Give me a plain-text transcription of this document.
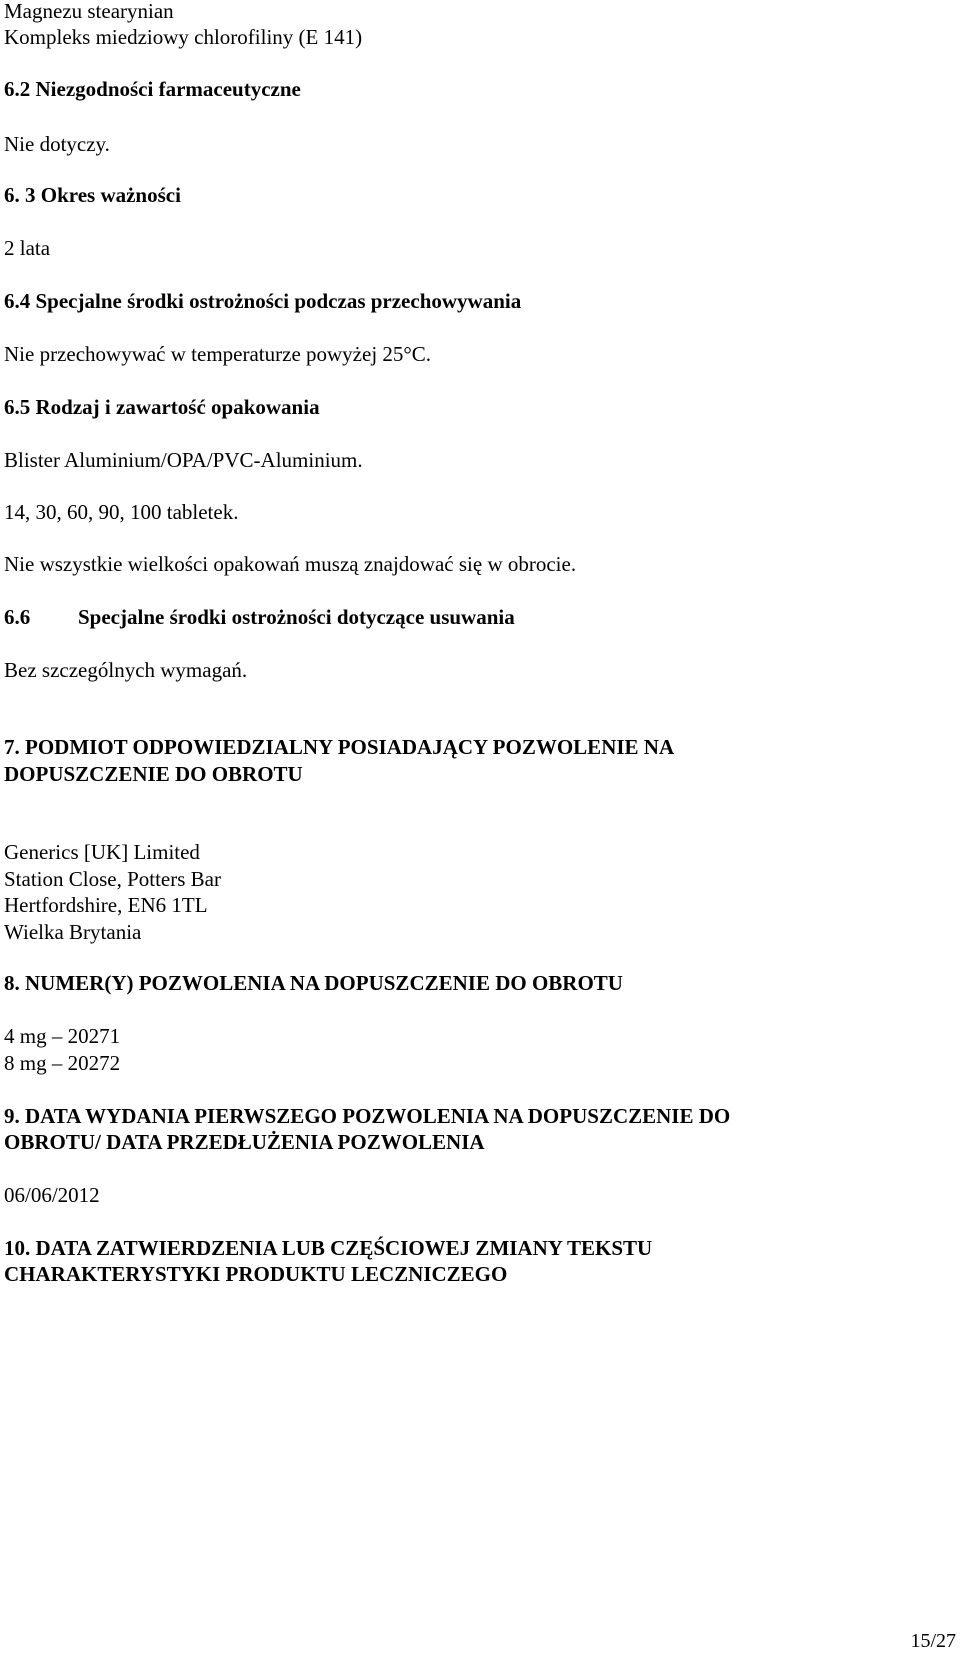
Magnezu stearynian
Kompleks miedziowy chlorofiliny (E 141)
6.2 Niezgodności farmaceutyczne
Nie dotyczy.
6. 3 Okres ważności
2 lata
6.4 Specjalne środki ostrożności podczas przechowywania
Nie przechowywać w temperaturze powyżej 25°C.
6.5 Rodzaj i zawartość opakowania
Blister Aluminium/OPA/PVC-Aluminium.
14, 30, 60, 90, 100 tabletek.
Nie wszystkie wielkości opakowań muszą znajdować się w obrocie.
6.6 Specjalne środki ostrożności dotyczące usuwania
Bez szczególnych wymagań.
7. PODMIOT ODPOWIEDZIALNY POSIADAJĄCY POZWOLENIE NA
DOPUSZCZENIE DO OBROTU
Generics [UK] Limited
Station Close, Potters Bar
Hertfordshire, EN6 1TL
Wielka Brytania
8. NUMER(Y) POZWOLENIA NA DOPUSZCZENIE DO OBROTU
4 mg – 20271
8 mg – 20272
9. DATA WYDANIA PIERWSZEGO POZWOLENIA NA DOPUSZCZENIE DO
OBROTU/ DATA PRZEDŁUŻENIA POZWOLENIA
06/06/2012
10. DATA ZATWIERDZENIA LUB CZĘŚCIOWEJ ZMIANY TEKSTU
CHARAKTERYSTYKI PRODUKTU LECZNICZEGO
15/27
